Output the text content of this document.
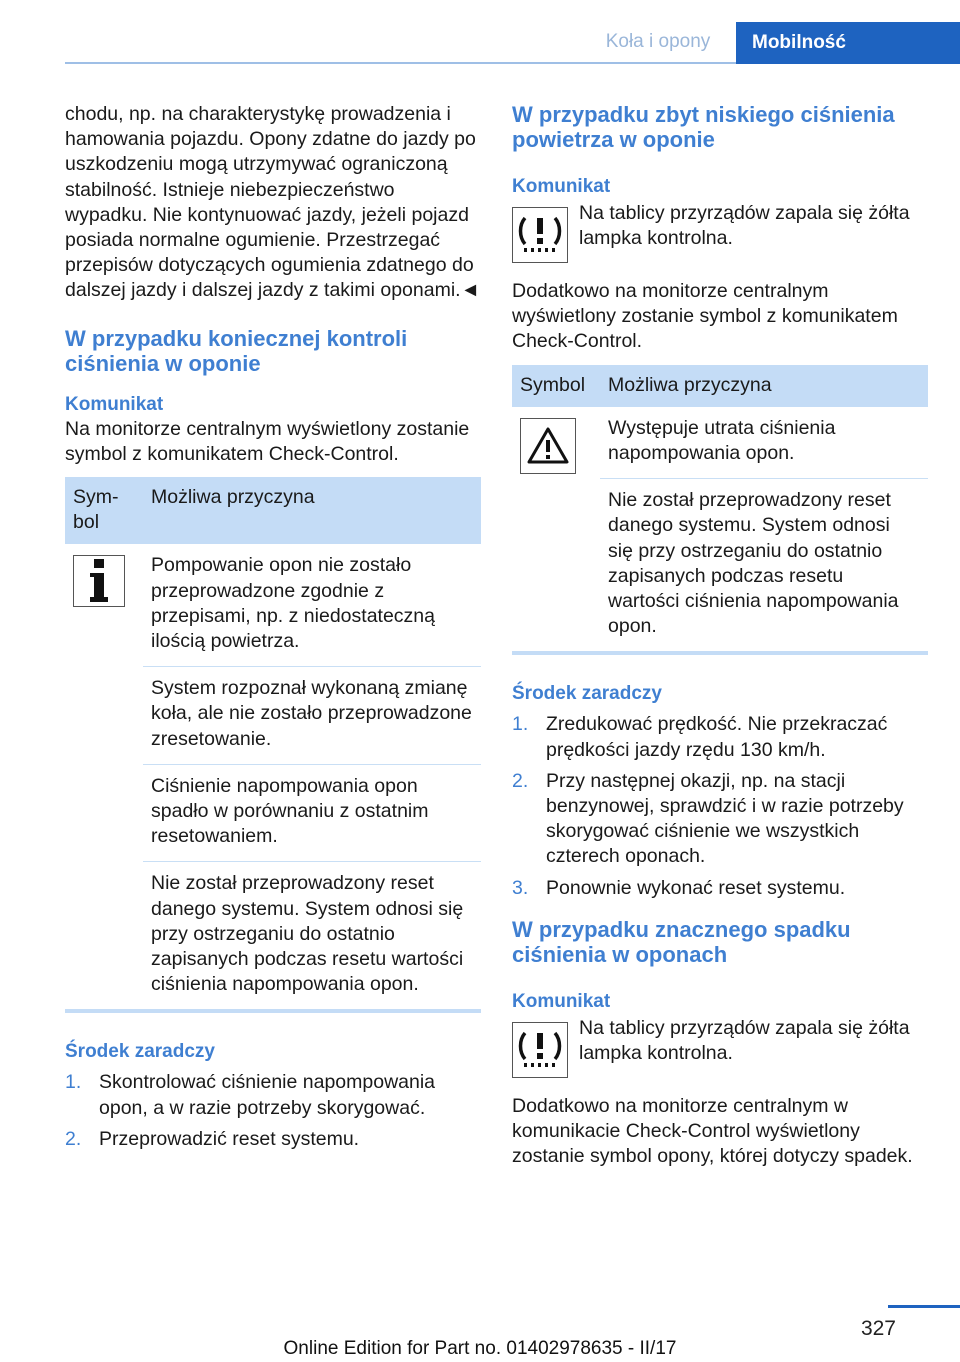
Koła i opony	Mobilność

chodu, np. na charakterystykę prowadzenia i hamowania pojazdu. Opony zdatne do jazdy po uszkodzeniu mogą utrzymywać ograniczoną stabilność. Istnieje niebezpieczeństwo wypadku. Nie kontynuować jazdy, jeżeli pojazd posiada normalne ogumienie. Przestrzegać przepisów dotyczących ogumienia zdatnego do dalszej jazdy i dalszej jazdy z takimi oponami.◄

W przypadku koniecznej kontroli ciśnienia w oponie
Komunikat

Na monitorze centralnym wyświetlony zostanie symbol z komunikatem Check-Control.

Sym-bol	Możliwa przyczyna

	Pompowanie opon nie zostało przeprowadzone zgodnie z przepisami, np. z niedostateczną ilością powietrza.
	System rozpoznał wykonaną zmianę koła, ale nie zostało przeprowadzone zresetowanie.
	Ciśnienie napompowania opon spadło w porównaniu z ostatnim resetowaniem.
	Nie został przeprowadzony reset danego systemu. System odnosi się przy ostrzeganiu do ostatnio zapisanych podczas resetu wartości ciśnienia napompowania opon.
Środek zaradczy
1. Skontrolować ciśnienie napompowania opon, a w razie potrzeby skorygować.
2. Przeprowadzić reset systemu.
W przypadku zbyt niskiego ciśnienia powietrza w oponie
Komunikat

Na tablicy przyrządów zapala się żółta lampka kontrolna.

Dodatkowo na monitorze centralnym wyświetlony zostanie symbol z komunikatem Check-Control.

Symbol	Możliwa przyczyna

	Występuje utrata ciśnienia napompowania opon.
	Nie został przeprowadzony reset danego systemu. System odnosi się przy ostrzeganiu do ostatnio zapisanych podczas resetu wartości ciśnienia napompowania opon.
Środek zaradczy
1. Zredukować prędkość. Nie przekraczać prędkości jazdy rzędu 130 km/h.
2. Przy następnej okazji, np. na stacji benzynowej, sprawdzić i w razie potrzeby skorygować ciśnienie we wszystkich czterech oponach.
3. Ponownie wykonać reset systemu.
W przypadku znacznego spadku ciśnienia w oponach
Komunikat

Na tablicy przyrządów zapala się żółta lampka kontrolna.

Dodatkowo na monitorze centralnym w komunikacie Check-Control wyświetlony zostanie symbol opony, której dotyczy spadek.

327
Online Edition for Part no. 01402978635 - II/17
